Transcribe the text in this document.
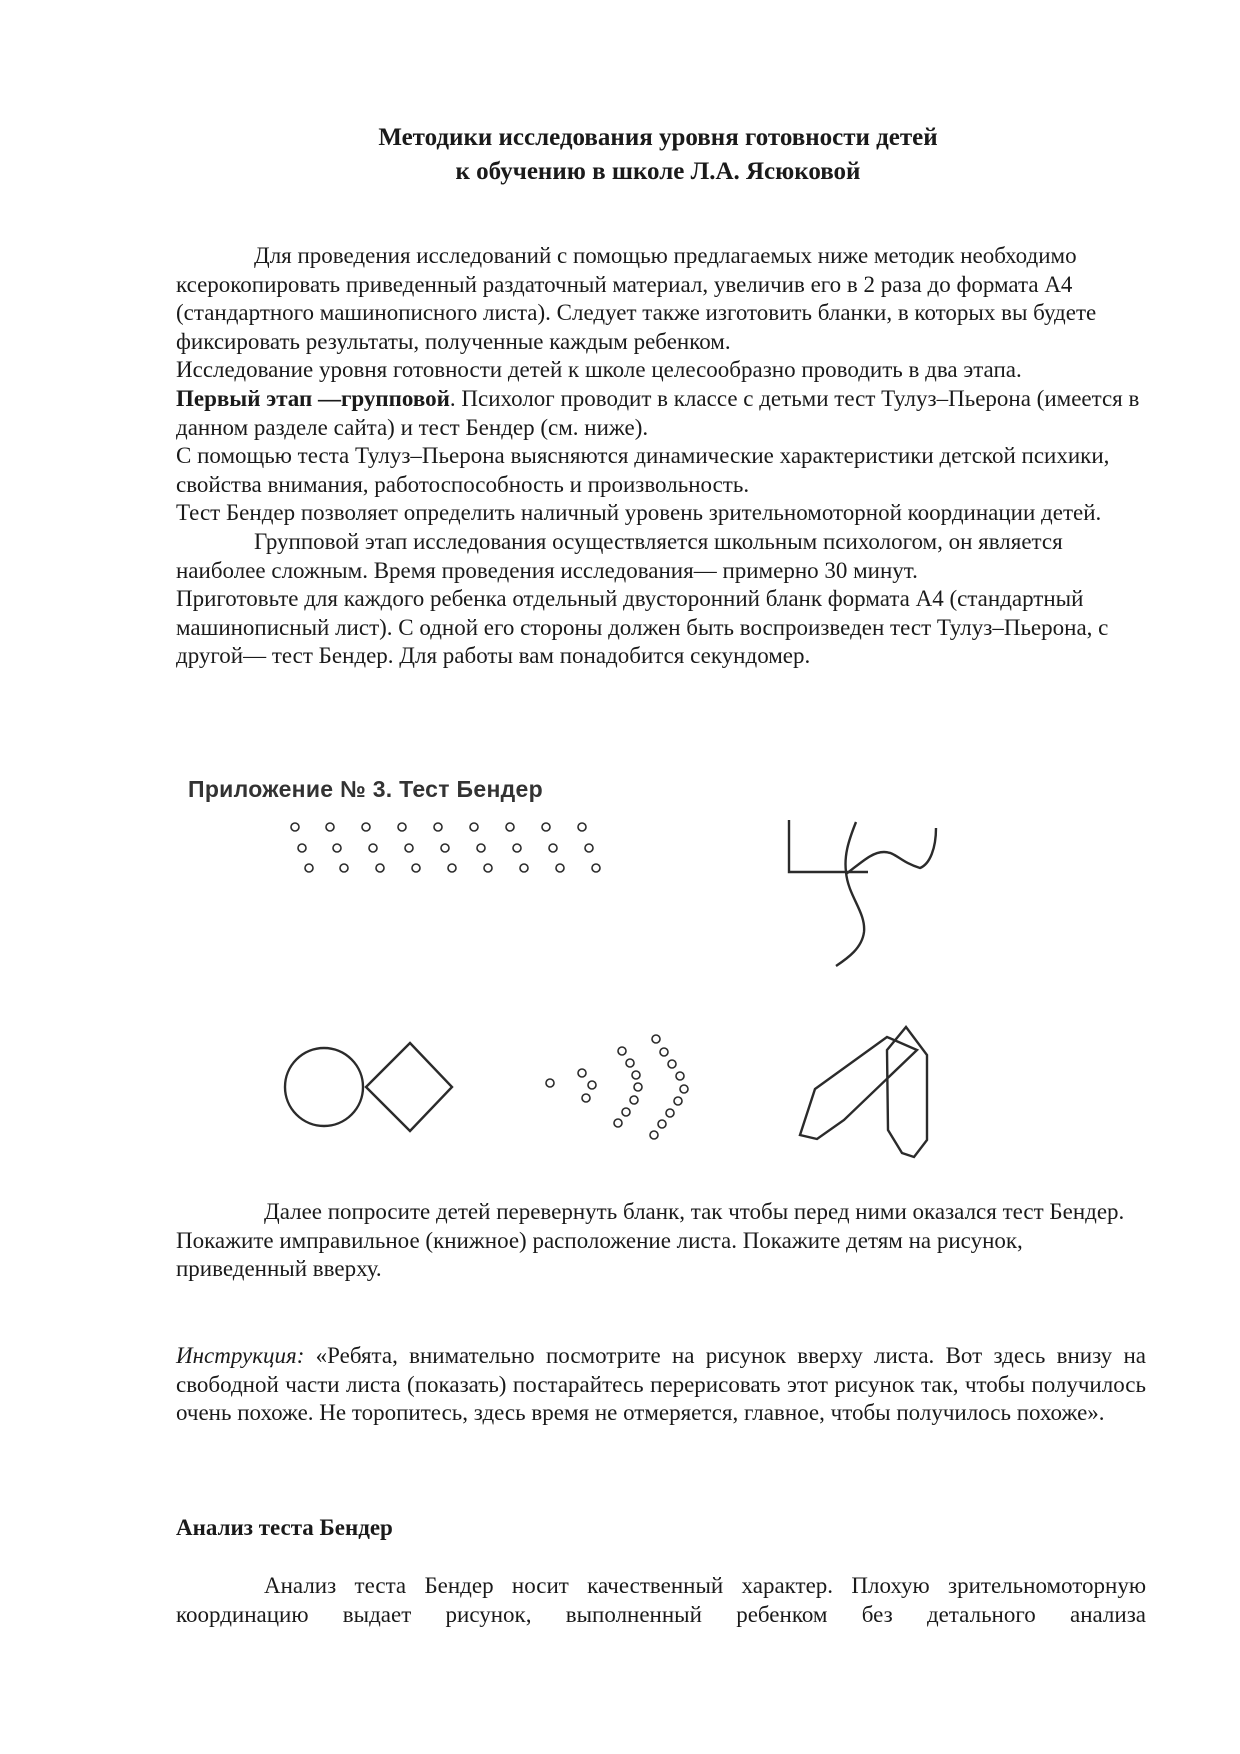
Методики исследования уровня готовности детей
к обучению в школе Л.А. Ясюковой

Для проведения исследований с помощью предлагаемых ниже методик необходимо ксерокопировать приведенный раздаточный материал, увеличив его в 2 раза до формата А4 (стандартного машинописного листа). Следует также изготовить бланки, в которых вы будете фиксировать результаты, полученные каждым ребенком.

Исследование уровня готовности детей к школе целесообразно проводить в два этапа.

Первый этап —групповой. Психолог проводит в классе с детьми тест Тулуз–Пьерона (имеется в данном разделе сайта) и тест Бендер (см. ниже).

С помощью теста Тулуз–Пьерона выясняются динамические характеристики детской психики, свойства внимания, работоспособность и произвольность.

Тест Бендер позволяет определить наличный уровень зрительномоторной координации детей.

Групповой этап исследования осуществляется школьным психологом, он является наиболее сложным. Время проведения исследования— примерно 30 минут.

Приготовьте для каждого ребенка отдельный двусторонний бланк формата А4 (стандартный машинописный лист). С одной его стороны должен быть воспроизведен тест Тулуз–Пьерона, с другой— тест Бендер. Для работы вам понадобится секундомер.

Приложение № 3. Тест Бендер

Далее попросите детей перевернуть бланк, так чтобы перед ними оказался тест Бендер. Покажите имправильное (книжное) расположение листа. Покажите детям на рисунок, приведенный вверху.

Инструкция: «Ребята, внимательно посмотрите на рисунок вверху листа. Вот здесь внизу на свободной части листа (показать) постарайтесь перерисовать этот рисунок так, чтобы получилось очень похоже. Не торопитесь, здесь время не отмеряется, главное, чтобы получилось похоже».

Анализ теста Бендер

Анализ теста Бендер носит качественный характер. Плохую зрительномоторную координацию выдает рисунок, выполненный ребенком без детального анализа
